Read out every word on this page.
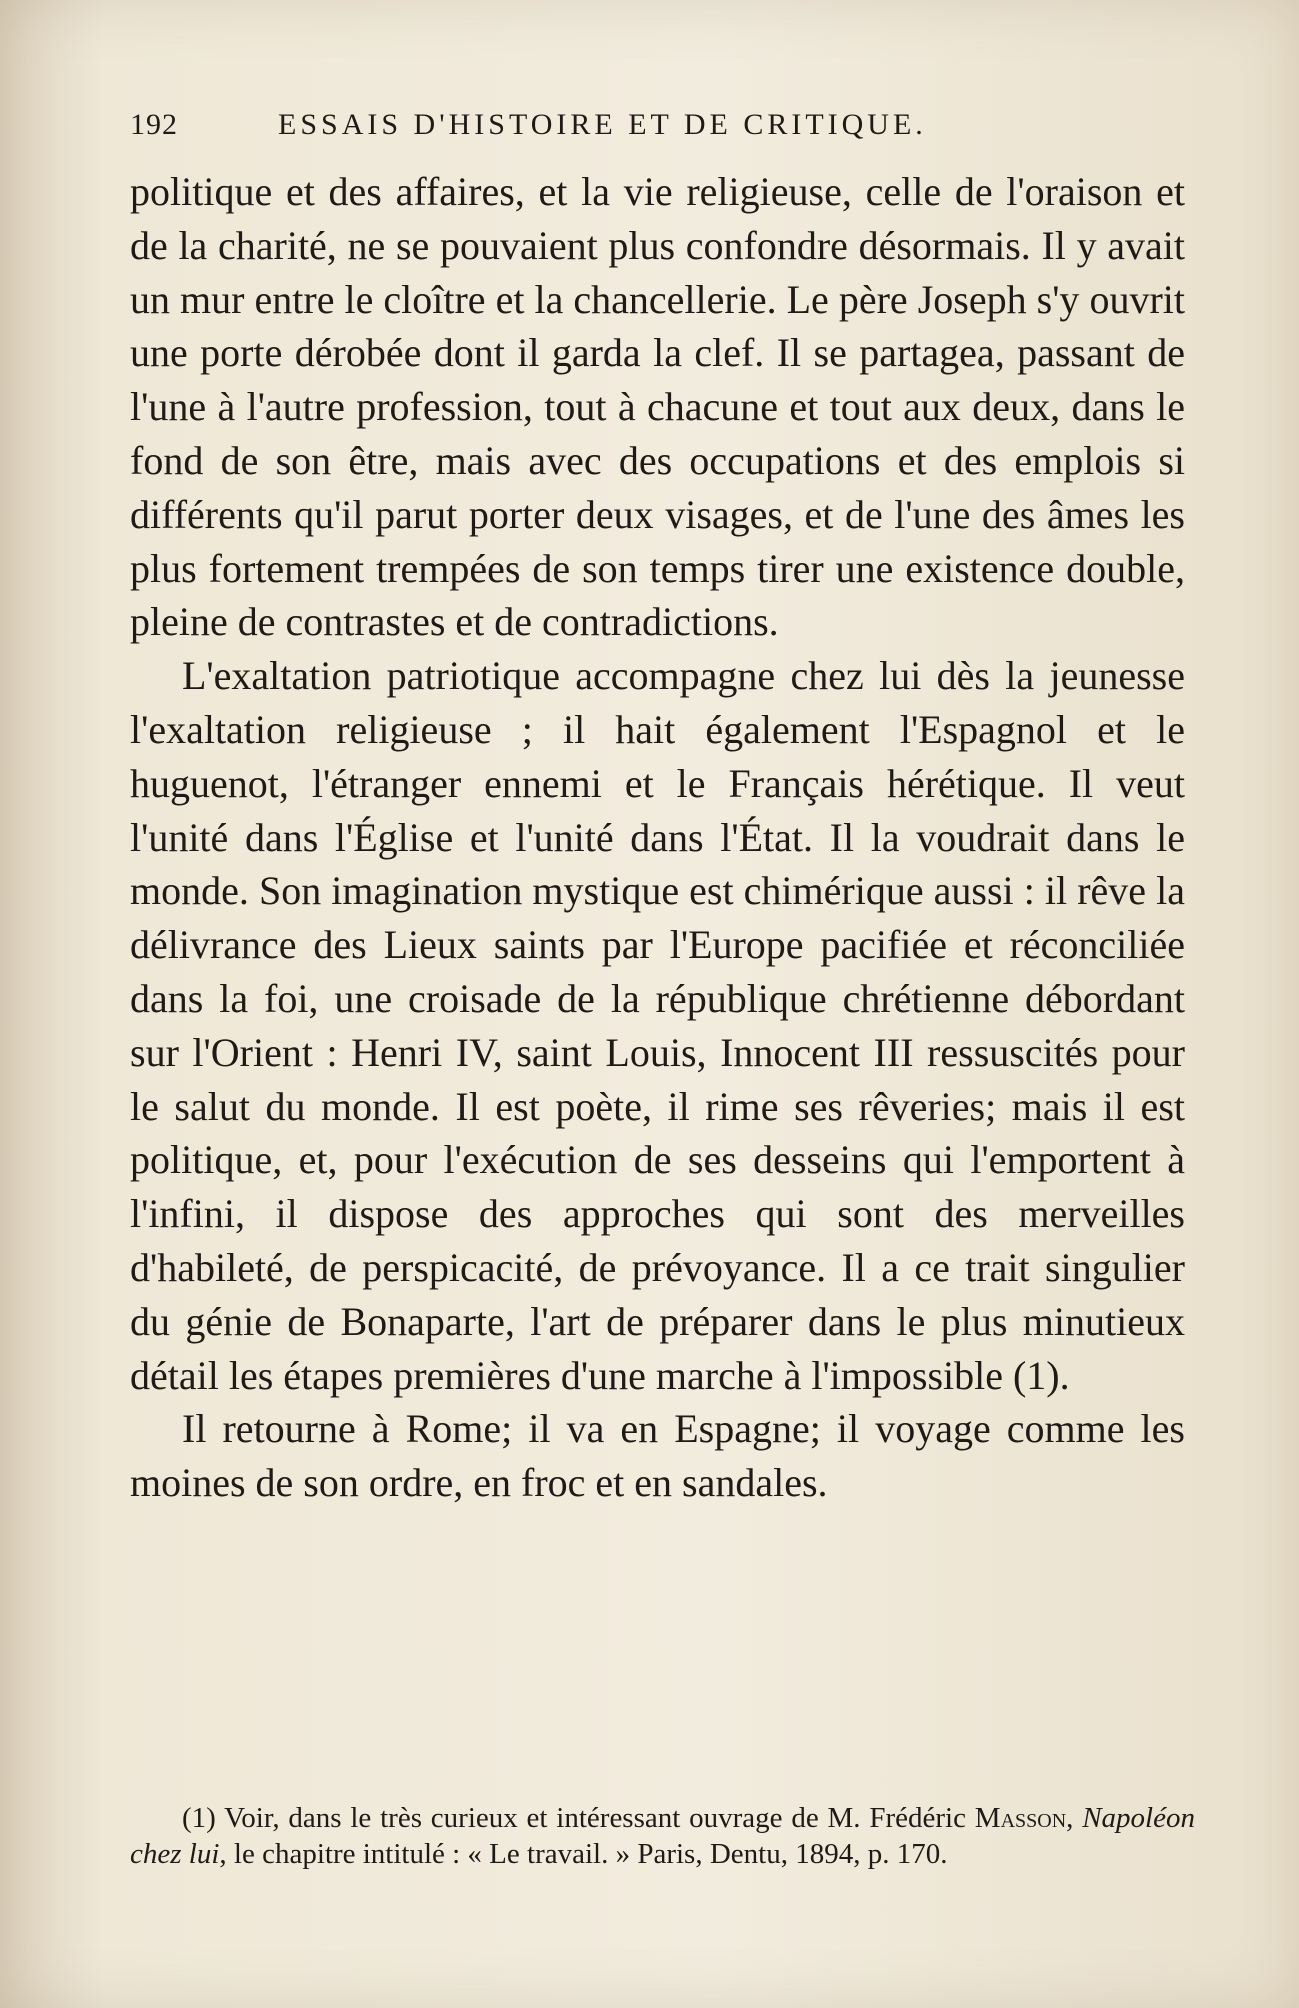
192	ESSAIS D'HISTOIRE ET DE CRITIQUE.

politique et des affaires, et la vie religieuse, celle de l'oraison et de la charité, ne se pouvaient plus confondre désormais. Il y avait un mur entre le cloître et la chancellerie. Le père Joseph s'y ouvrit une porte dérobée dont il garda la clef. Il se partagea, passant de l'une à l'autre profession, tout à chacune et tout aux deux, dans le fond de son être, mais avec des occupations et des emplois si différents qu'il parut porter deux visages, et de l'une des âmes les plus fortement trempées de son temps tirer une existence double, pleine de contrastes et de contradictions.

L'exaltation patriotique accompagne chez lui dès la jeunesse l'exaltation religieuse ; il hait également l'Espagnol et le huguenot, l'étranger ennemi et le Français hérétique. Il veut l'unité dans l'Église et l'unité dans l'État. Il la voudrait dans le monde. Son imagination mystique est chimérique aussi : il rêve la délivrance des Lieux saints par l'Europe pacifiée et réconciliée dans la foi, une croisade de la république chrétienne débordant sur l'Orient : Henri IV, saint Louis, Innocent III ressuscités pour le salut du monde. Il est poète, il rime ses rêveries; mais il est politique, et, pour l'exécution de ses desseins qui l'emportent à l'infini, il dispose des approches qui sont des merveilles d'habileté, de perspicacité, de prévoyance. Il a ce trait singulier du génie de Bonaparte, l'art de préparer dans le plus minutieux détail les étapes premières d'une marche à l'impossible (1).

Il retourne à Rome; il va en Espagne; il voyage comme les moines de son ordre, en froc et en sandales.

(1) Voir, dans le très curieux et intéressant ouvrage de M. Frédéric Masson, Napoléon chez lui, le chapitre intitulé : « Le travail. » Paris, Dentu, 1894, p. 170.
